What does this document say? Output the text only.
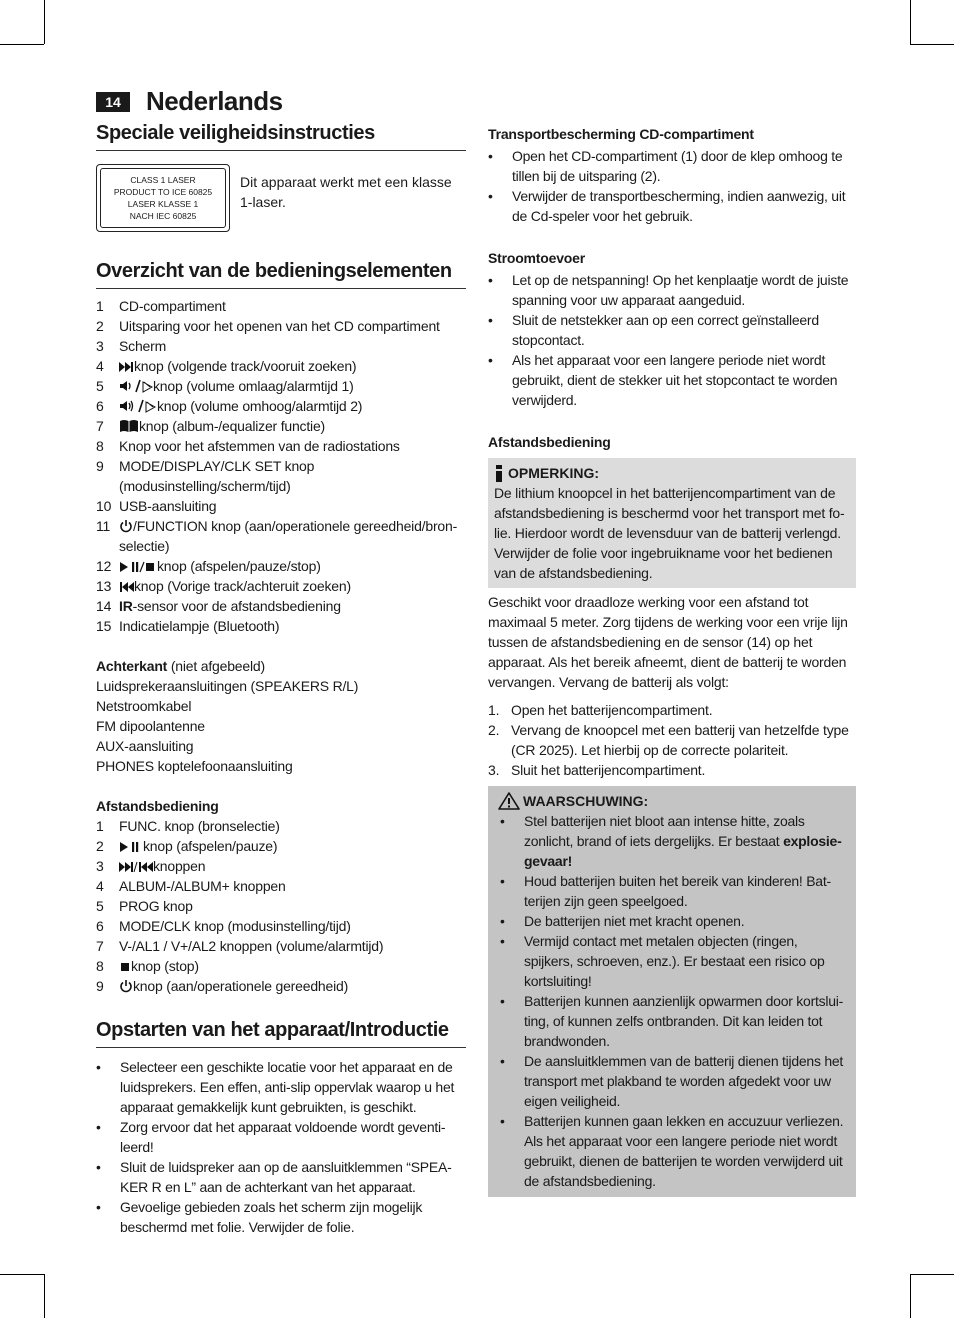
14 Nederlands
Speciale veiligheidsinstructies
CLASS 1 LASER
PRODUCT TO ICE 60825
LASER KLASSE 1
NACH IEC 60825
Dit apparaat werkt met een klasse 1-laser.
Overzicht van de bedieningselementen
1 CD-compartiment
2 Uitsparing voor het openen van het CD compartiment
3 Scherm
4 knop (volgende track/vooruit zoeken)
5	knop (volume omlaag/alarmtijd 1)
6	knop (volume omhoog/alarmtijd 2)
7	knop (album-/equalizer functie)
8 Knop voor het afstemmen van de radiostations
9 MODE/DISPLAY/CLK SET knop (modusinstelling/scherm/tijd)
10 USB-aansluiting
11 /FUNCTION knop (aan/operationele gereedheid/bron-selectie)
12	knop (afspelen/pauze/stop)
13 knop (Vorige track/achteruit zoeken)
14 IR-sensor voor de afstandsbediening
15 Indicatielampje (Bluetooth)
Achterkant (niet afgebeeld)
Luidsprekeraansluitingen (SPEAKERS R/L)
Netstroomkabel
FM dipoolantenne
AUX-aansluiting
PHONES koptelefoonaansluiting
Afstandsbediening
1 FUNC. knop (bronselectie)
2	knop (afspelen/pauze)
3	knoppen
4 ALBUM-/ALBUM+ knoppen
5 PROG knop
6 MODE/CLK knop (modusinstelling/tijd)
7 V-/AL1 / V+/AL2 knoppen (volume/alarmtijd)
8 knop (stop)
9 knop (aan/operationele gereedheid)
Opstarten van het apparaat/Introductie
• Selecteer een geschikte locatie voor het apparaat en de luidsprekers. Een effen, anti-slip oppervlak waarop u het apparaat gemakkelijk kunt gebruikten, is geschikt.
• Zorg ervoor dat het apparaat voldoende wordt geventi-leerd!
• Sluit de luidspreker aan op de aansluitklemmen “SPEA-KER R en L” aan de achterkant van het apparaat.
• Gevoelige gebieden zoals het scherm zijn mogelijk beschermd met folie. Verwijder de folie.
Transportbescherming CD-compartiment
• Open het CD-compartiment (1) door de klep omhoog te tillen bij de uitsparing (2).
• Verwijder de transportbescherming, indien aanwezig, uit de Cd-speler voor het gebruik.
Stroomtoevoer
• Let op de netspanning! Op het kenplaatje wordt de juiste spanning voor uw apparaat aangeduid.
• Sluit de netstekker aan op een correct geïnstalleerd stopcontact.
• Als het apparaat voor een langere periode niet wordt gebruikt, dient de stekker uit het stopcontact te worden verwijderd.
Afstandsbediening
OPMERKING:
De lithium knoopcel in het batterijencompartiment van de afstandsbediening is beschermd voor het transport met fo-lie. Hierdoor wordt de levensduur van de batterij verlengd. Verwijder de folie voor ingebruikname voor het bedienen van de afstandsbediening.
Geschikt voor draadloze werking voor een afstand tot maximaal 5 meter. Zorg tijdens de werking voor een vrije lijn tussen de afstandsbediening en de sensor (14) op het apparaat. Als het bereik afneemt, dient de batterij te worden vervangen. Vervang de batterij als volgt:
1. Open het batterijencompartiment.
2. Vervang de knoopcel met een batterij van hetzelfde type (CR 2025). Let hierbij op de correcte polariteit.
3. Sluit het batterijencompartiment.
WAARSCHUWING:
• Stel batterijen niet bloot aan intense hitte, zoals zonlicht, brand of iets dergelijks. Er bestaat explosie-gevaar!
• Houd batterijen buiten het bereik van kinderen! Bat-terijen zijn geen speelgoed.
• De batterijen niet met kracht openen.
• Vermijd contact met metalen objecten (ringen, spijkers, schroeven, enz.). Er bestaat een risico op kortsluiting!
• Batterijen kunnen aanzienlijk opwarmen door kortslui-ting, of kunnen zelfs ontbranden. Dit kan leiden tot brandwonden.
• De aansluitklemmen van de batterij dienen tijdens het transport met plakband te worden afgedekt voor uw eigen veiligheid.
• Batterijen kunnen gaan lekken en accuzuur verliezen. Als het apparaat voor een langere periode niet wordt gebruikt, dienen de batterijen te worden verwijderd uit de afstandsbediening.
